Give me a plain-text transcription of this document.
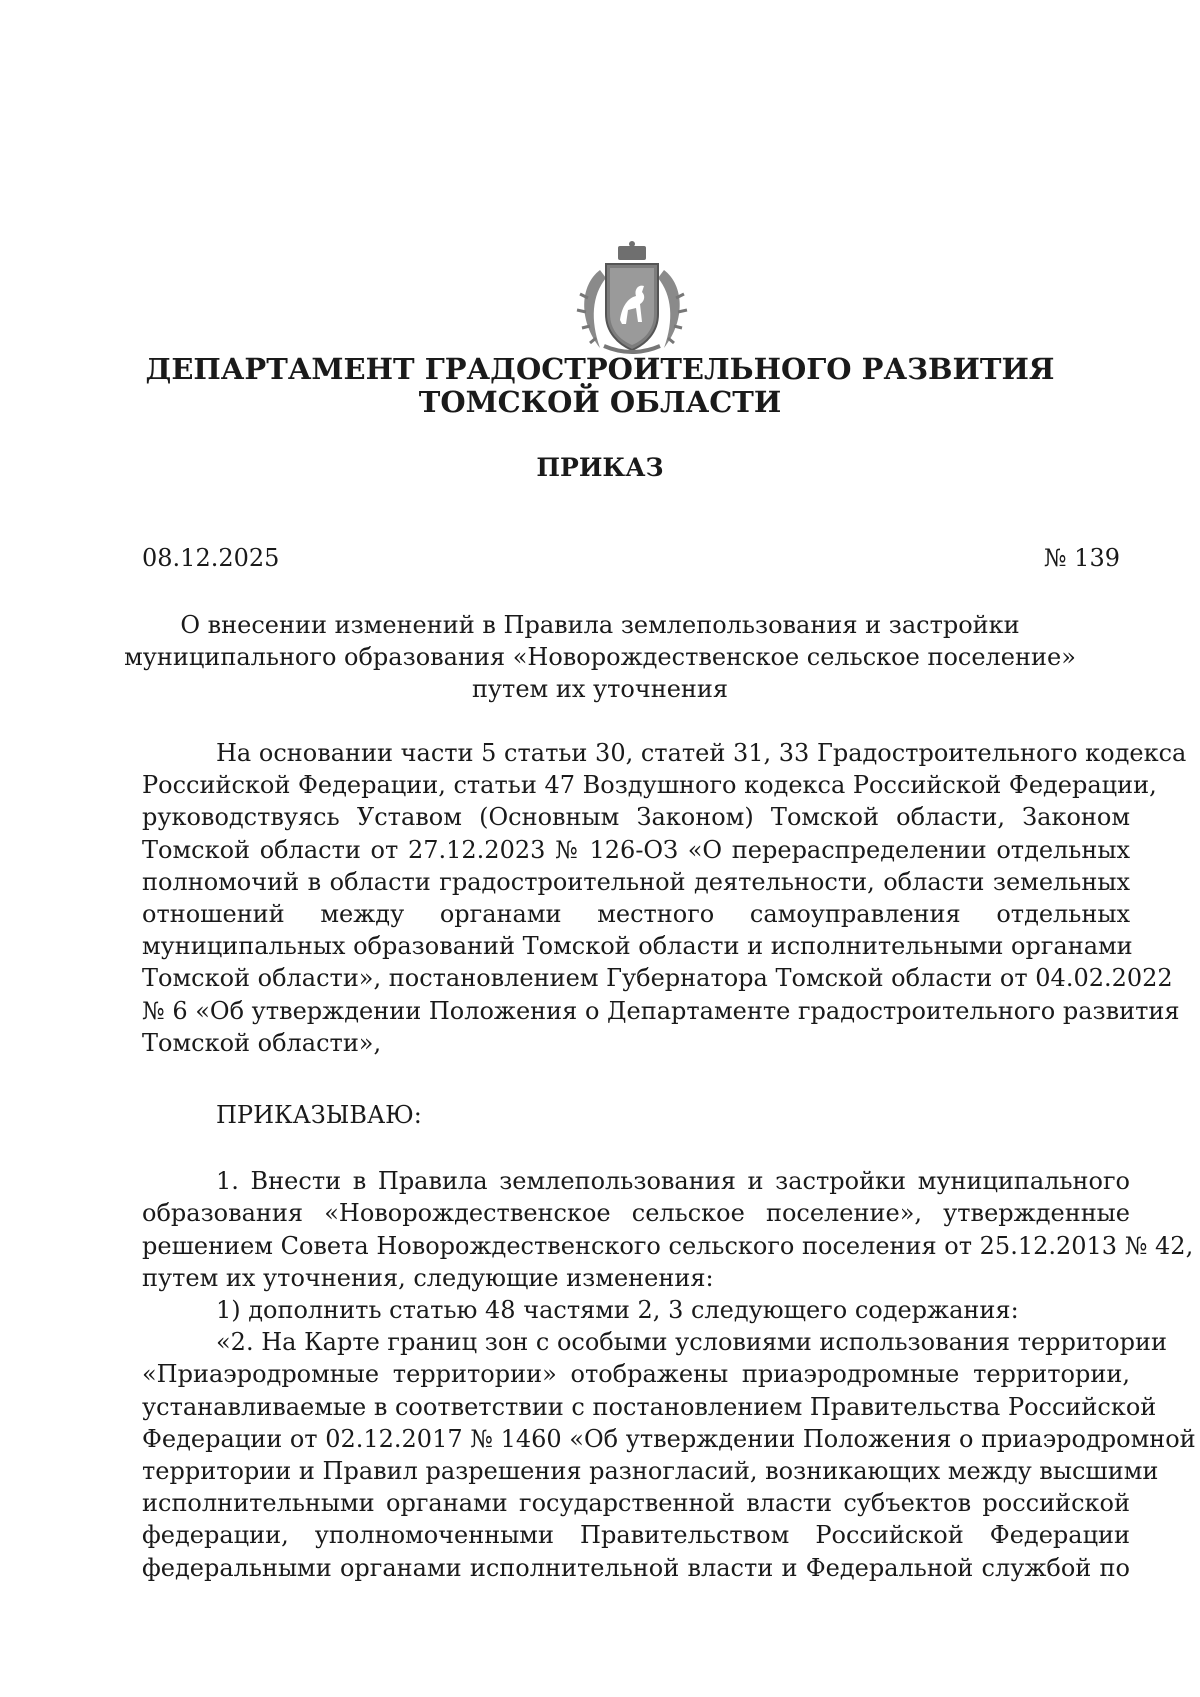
ДЕПАРТАМЕНТ ГРАДОСТРОИТЕЛЬНОГО РАЗВИТИЯ
ТОМСКОЙ ОБЛАСТИ
ПРИКАЗ
08.12.2025	№ 139
О внесении изменений в Правила землепользования и застройки
муниципального образования «Новорождественское сельское поселение»
путем их уточнения
На основании части 5 статьи 30, статей 31, 33 Градостроительного кодекса
Российской Федерации, статьи 47 Воздушного кодекса Российской Федерации,
руководствуясь Уставом (Основным Законом) Томской области, Законом
Томской области от 27.12.2023 № 126-ОЗ «О перераспределении отдельных
полномочий в области градостроительной деятельности, области земельных
отношений между органами местного самоуправления отдельных
муниципальных образований Томской области и исполнительными органами
Томской области», постановлением Губернатора Томской области от 04.02.2022
№ 6 «Об утверждении Положения о Департаменте градостроительного развития
Томской области»,
ПРИКАЗЫВАЮ:
1. Внести в Правила землепользования и застройки муниципального
образования «Новорождественское сельское поселение», утвержденные
решением Совета Новорождественского сельского поселения от 25.12.2013 № 42,
путем их уточнения, следующие изменения:
1) дополнить статью 48 частями 2, 3 следующего содержания:
«2. На Карте границ зон с особыми условиями использования территории
«Приаэродромные территории» отображены приаэродромные территории,
устанавливаемые в соответствии с постановлением Правительства Российской
Федерации от 02.12.2017 № 1460 «Об утверждении Положения о приаэродромной
территории и Правил разрешения разногласий, возникающих между высшими
исполнительными органами государственной власти субъектов российской
федерации, уполномоченными Правительством Российской Федерации
федеральными органами исполнительной власти и Федеральной службой по
